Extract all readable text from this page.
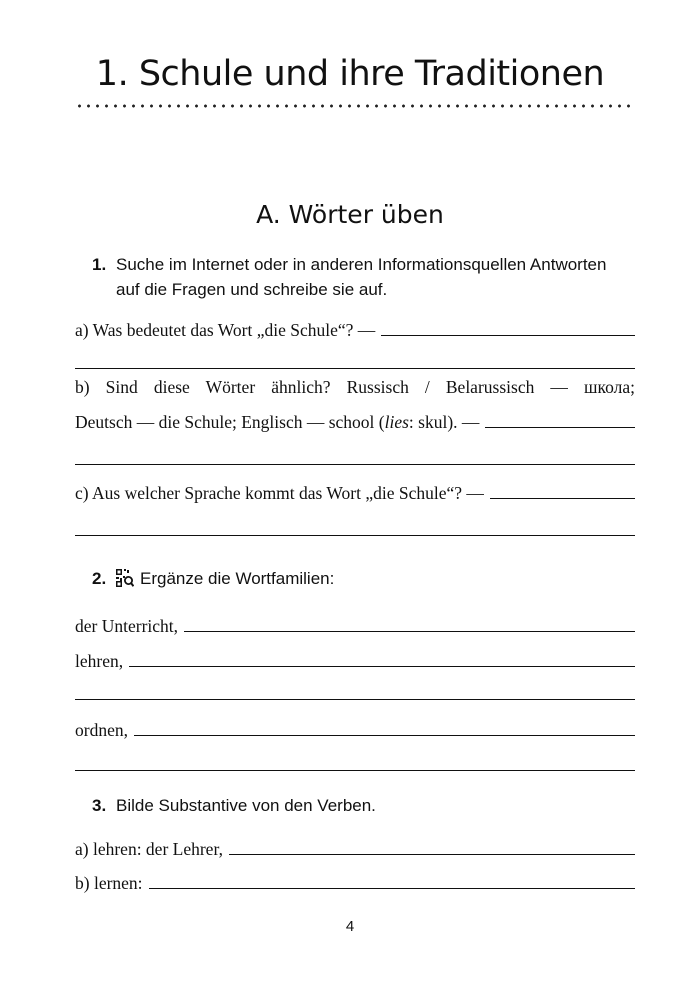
1. Schule und ihre Traditionen
A. Wörter üben
1. Suche im Internet oder in anderen Informationsquellen Antworten
auf die Fragen und schreibe sie auf.
a) Was bedeutet das Wort „die Schule“? —
b) Sind diese Wörter ähnlich? Russisch / Belarussisch — школа;
Deutsch — die Schule; Englisch — school ( lies : skul). —
c) Aus welcher Sprache kommt das Wort „die Schule“? —
2. Ergänze die Wortfamilien:
der Unterricht,
lehren,
ordnen,
3. Bilde Substantive von den Verben.
a) lehren: der Lehrer,
b) lernen:
4
